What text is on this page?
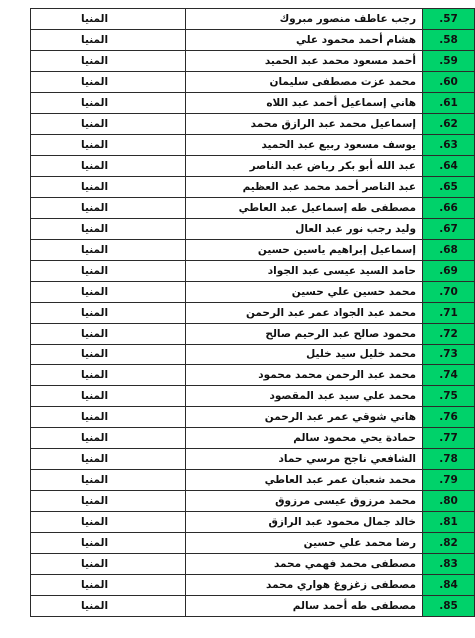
المنيا	رجب عاطف منصور مبروك	57.
المنيا	هشام أحمد محمود علي	58.
المنيا	أحمد مسعود محمد عبد الحميد	59.
المنيا	محمد عزت مصطفى سليمان	60.
المنيا	هاني إسماعيل أحمد عبد اللاه	61.
المنيا	إسماعيل محمد عبد الرازق محمد	62.
المنيا	يوسف مسعود ربيع عبد الحميد	63.
المنيا	عبد الله أبو بكر رياض عبد الناصر	64.
المنيا	عبد الناصر أحمد محمد عبد العظيم	65.
المنيا	مصطفى طه إسماعيل عبد العاطي	66.
المنيا	وليد رجب نور عبد العال	67.
المنيا	إسماعيل إبراهيم ياسين حسين	68.
المنيا	حامد السيد عيسى عبد الجواد	69.
المنيا	محمد حسين علي حسين	70.
المنيا	محمد عبد الجواد عمر عبد الرحمن	71.
المنيا	محمود صالح عبد الرحيم صالح	72.
المنيا	محمد خليل سيد خليل	73.
المنيا	محمد عبد الرحمن محمد محمود	74.
المنيا	محمد علي سيد عبد المقصود	75.
المنيا	هاني شوقي عمر عبد الرحمن	76.
المنيا	حمادة يحي محمود سالم	77.
المنيا	الشافعي ناجح مرسي حماد	78.
المنيا	محمد شعبان عمر عبد العاطي	79.
المنيا	محمد مرزوق عيسى مرزوق	80.
المنيا	خالد جمال محمود عبد الرازق	81.
المنيا	رضا محمد علي حسين	82.
المنيا	مصطفى محمد فهمي محمد	83.
المنيا	مصطفى زغزوغ هواري محمد	84.
المنيا	مصطفى طه أحمد سالم	85.
